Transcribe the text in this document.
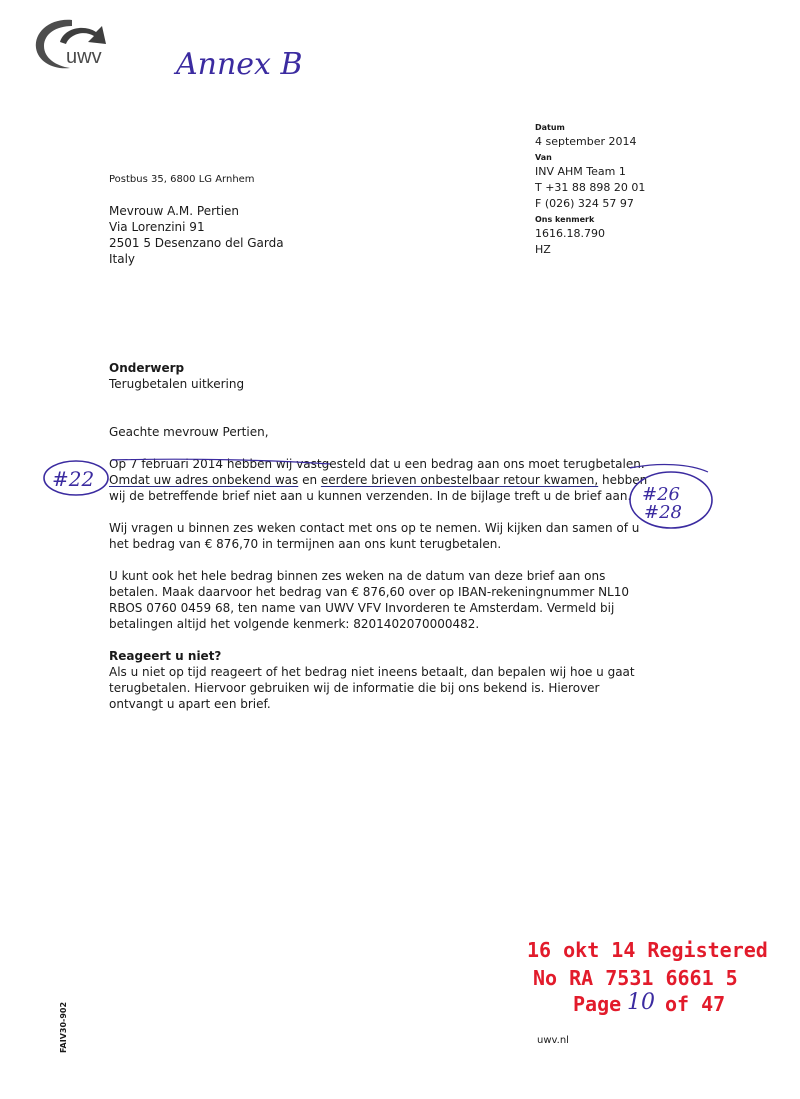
uwv Annex B
Datum
4 september 2014
Van
INV AHM Team 1
T +31 88 898 20 01
F (026) 324 57 97
Ons kenmerk
1616.18.790
HZ
Postbus 35, 6800 LG Arnhem
Mevrouw A.M. Pertien
Via Lorenzini 91
2501 5 Desenzano del Garda
Italy
Onderwerp
Terugbetalen uitkering

Geachte mevrouw Pertien,

Op 7 februari 2014 hebben wij vastgesteld dat u een bedrag aan ons moet terugbetalen. Omdat uw adres onbekend was en eerdere brieven onbestelbaar retour kwamen, hebben wij de betreffende brief niet aan u kunnen verzenden. In de bijlage treft u de brief aan.

Wij vragen u binnen zes weken contact met ons op te nemen. Wij kijken dan samen of u het bedrag van € 876,70 in termijnen aan ons kunt terugbetalen.

U kunt ook het hele bedrag binnen zes weken na de datum van deze brief aan ons betalen. Maak daarvoor het bedrag van € 876,60 over op IBAN-rekeningnummer NL10 RBOS 0760 0459 68, ten name van UWV VFV Invorderen te Amsterdam. Vermeld bij betalingen altijd het volgende kenmerk: 8201402070000482.

Reageert u niet?
Als u niet op tijd reageert of het bedrag niet ineens betaalt, dan bepalen wij hoe u gaat terugbetalen. Hiervoor gebruiken wij de informatie die bij ons bekend is. Hierover ontvangt u apart een brief.
#22
#26
#28
16 okt 14 Registered
No RA 7531 6661 5
Page 10 of 47
FAIV30-902	uwv.nl
